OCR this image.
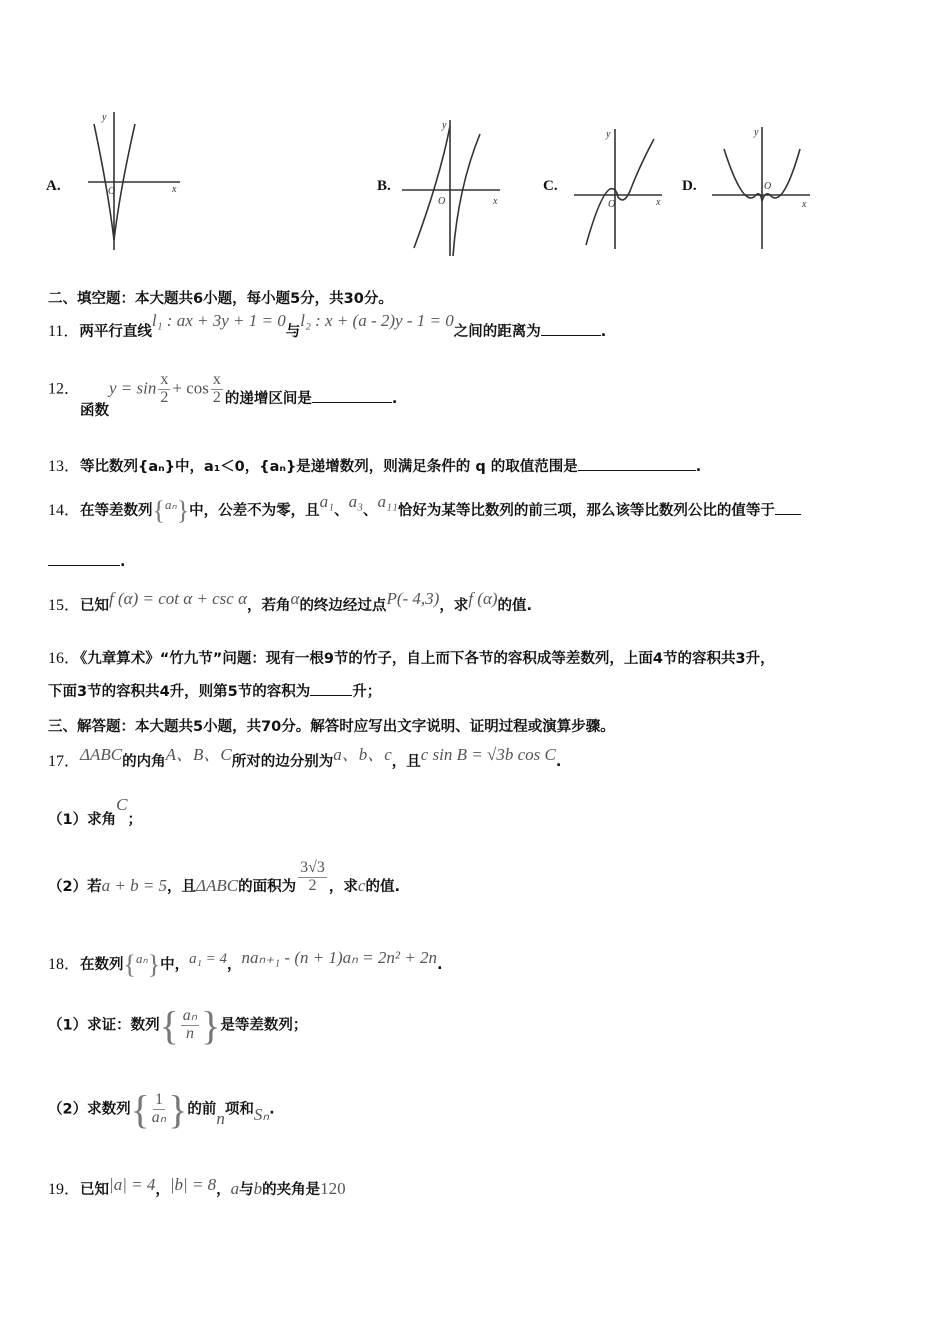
A.	O	x
y
B.
O	x
y
C.
O	x
y
D.	O
x
y
二、填空题：本大题共6小题，每小题5分，共30分。
11．两平行直线l₁ : ax + 3y + 1 = 0与l₂ : x + (a - 2)y - 1 = 0之间的距离为	.
12．函数$y = \sin \frac{x}{2} + \cos \frac{x}{2}$ 的递增区间是	.
13．等比数列{aₙ}中，a₁＜0，{aₙ}是递增数列，则满足条件的 q 的取值范围是	.
14．在等差数列{aₙ}中，公差不为零，且a₁、a₃、a₁₁恰好为某等比数列的前三项，那么该等比数列公比的值等于
.
15．已知f (α) = cot α + csc α，若角α的终边经过点P(- 4,3)，求f (α)的值.
16．《九章算术》“竹九节”问题：现有一根9节的竹子，自上而下各节的容积成等差数列，上面4节的容积共3升，
下面3节的容积共4升，则第5节的容积为	升；
三、解答题：本大题共5小题，共70分。解答时应写出文字说明、证明过程或演算步骤。
17．ΔABC的内角A、B、C所对的边分别为a、b、c，且c sin B = √3b cos C.
（1）求角C；
（2）若a + b = 5，且ΔABC的面积为 $\frac{3√3}{2}$ ，求c的值.
18．在数列{aₙ}中，a₁ = 4，naₙ₊₁ - (n + 1)aₙ = 2n² + 2n.
（1）求证：数列{ $\frac{\text{aₙ}}{n}$ }是等差数列；
（2）求数列{ $\frac{1}{\text{aₙ}}$ }的前n项和Sₙ.
19．已知|a| = 4，|b| = 8，a与b的夹角是120
